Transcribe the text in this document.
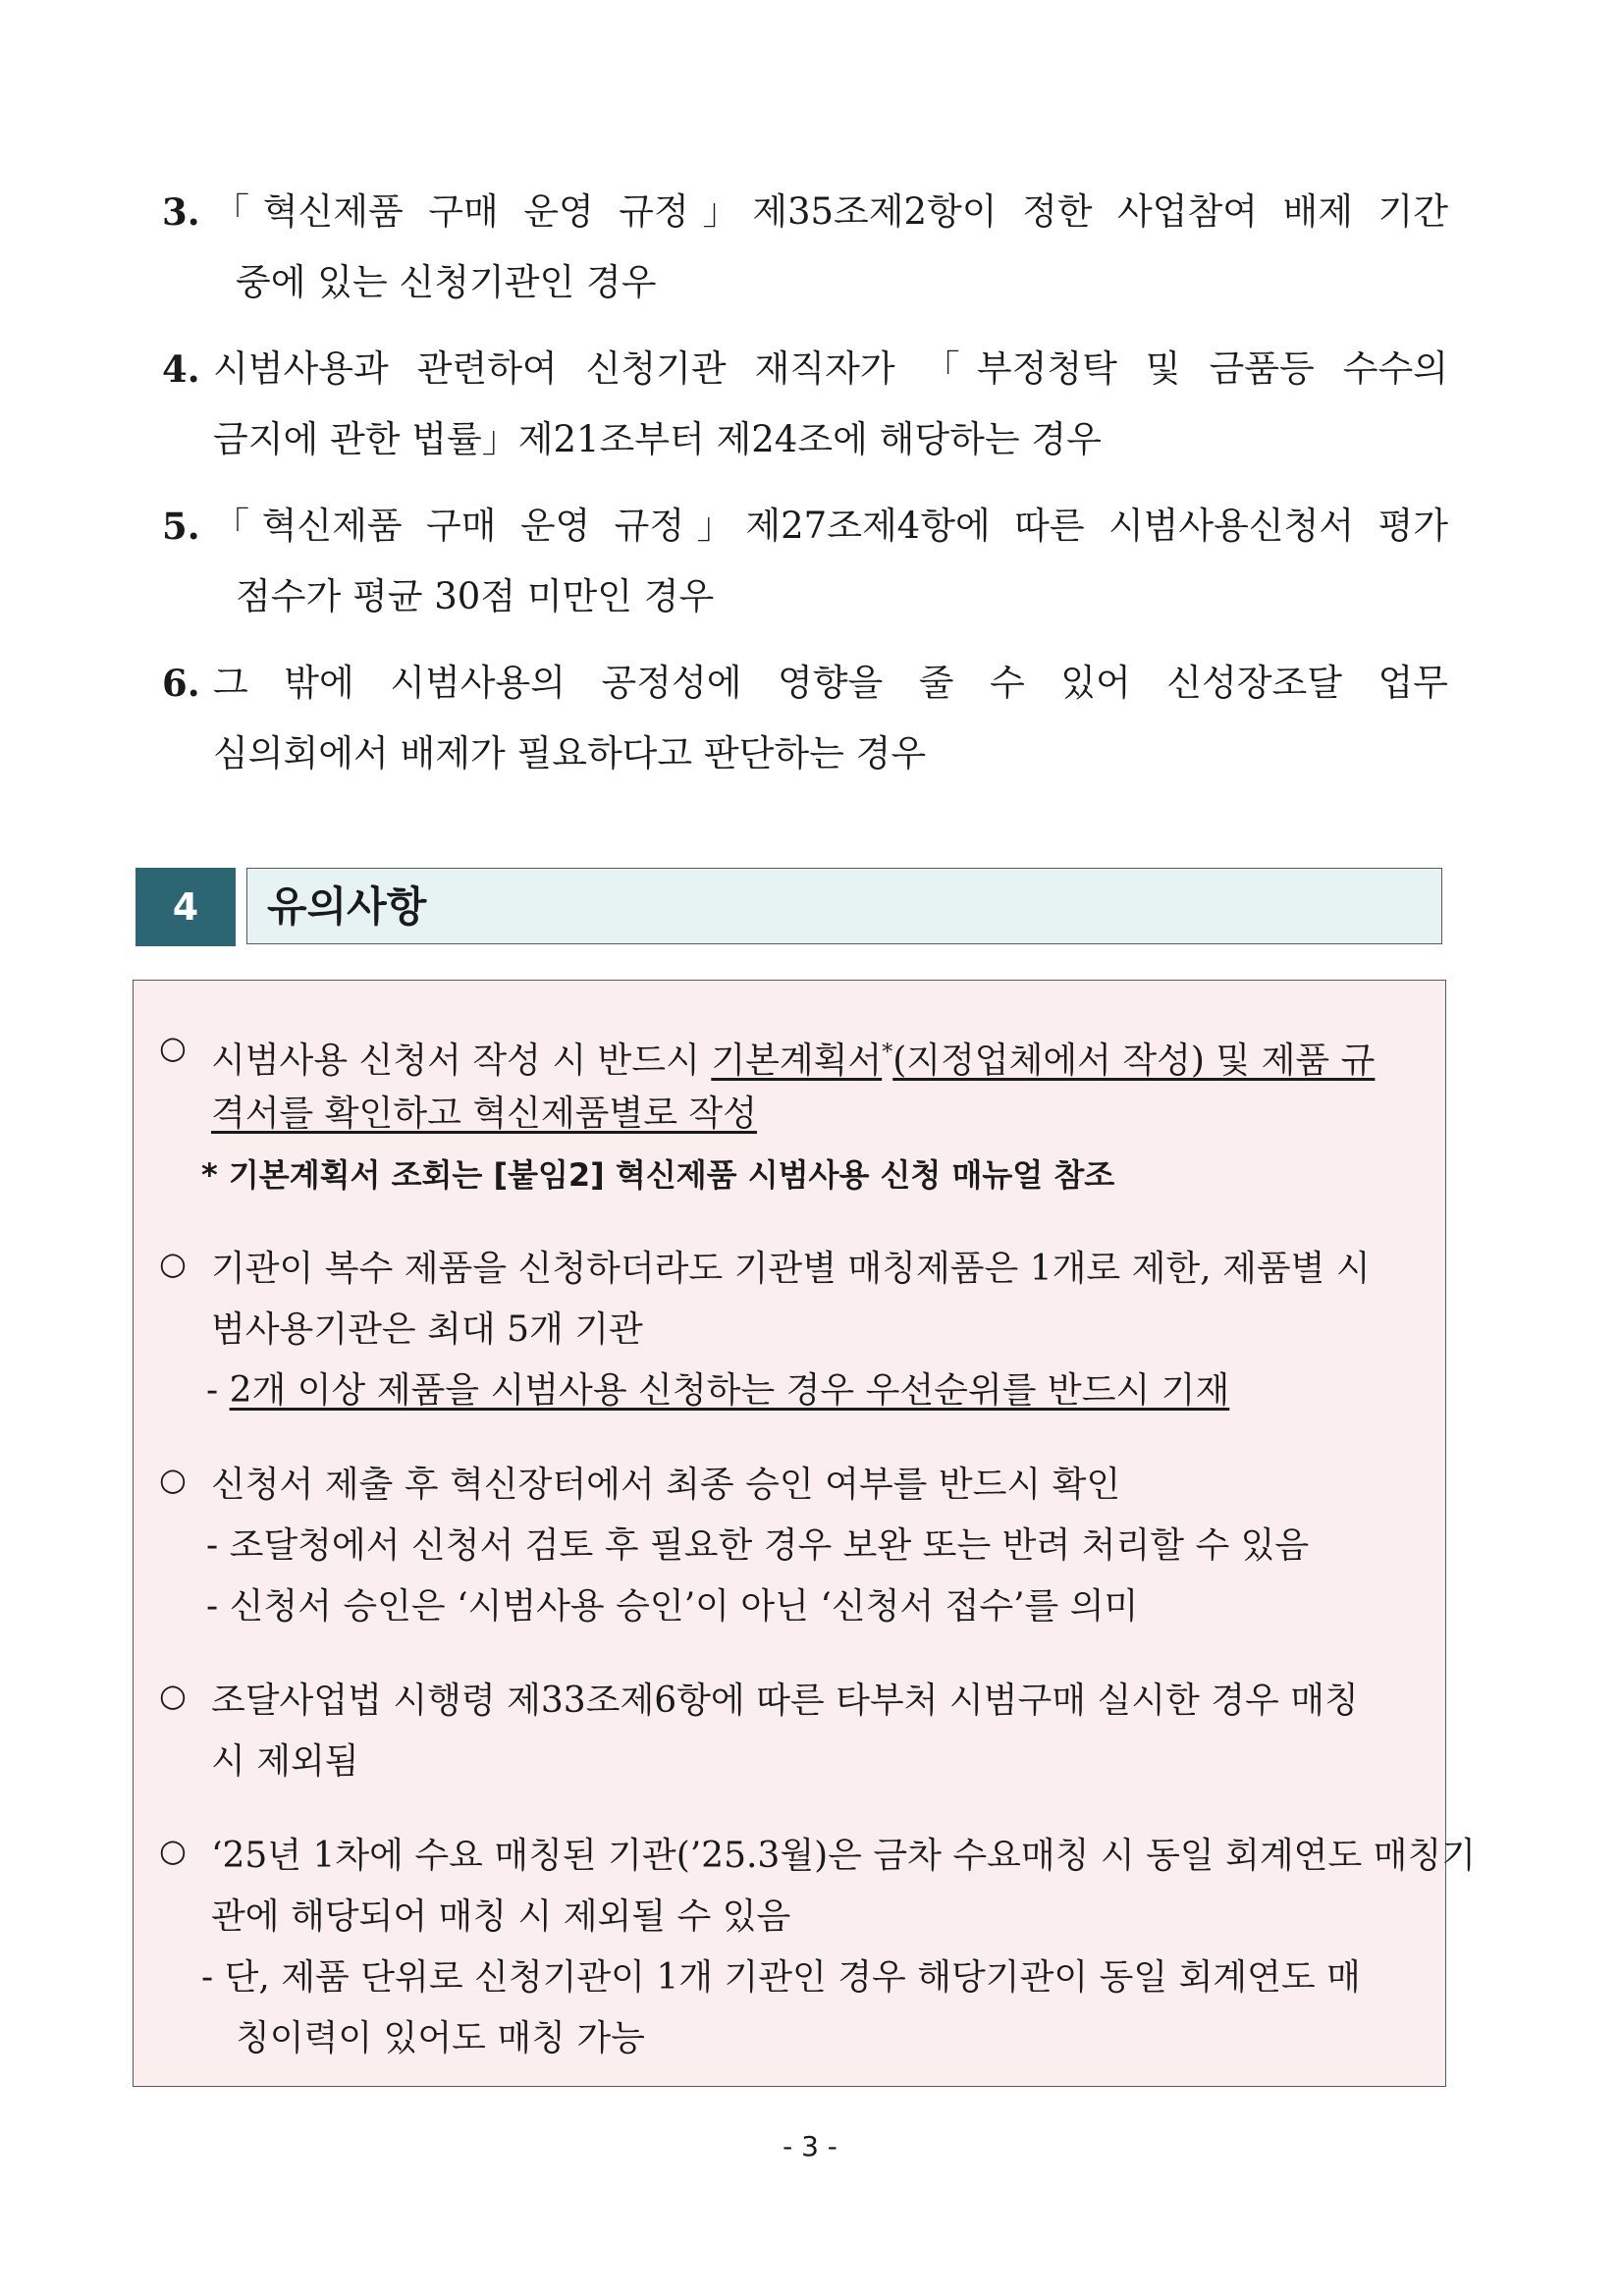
3. 「혁신제품 구매 운영 규정」제35조제2항이 정한 사업참여 배제 기간
중에 있는 신청기관인 경우
4. 시범사용과 관련하여 신청기관 재직자가 「부정청탁 및 금품등 수수의
금지에 관한 법률」제21조부터 제24조에 해당하는 경우
5. 「혁신제품 구매 운영 규정」제27조제4항에 따른 시범사용신청서 평가
점수가 평균 30점 미만인 경우
6. 그 밖에 시범사용의 공정성에 영향을 줄 수 있어 신성장조달 업무
심의회에서 배제가 필요하다고 판단하는 경우
4	유의사항
○ 시범사용 신청서 작성 시 반드시 기본계획서*(지정업체에서 작성) 및 제품 규
격서를 확인하고 혁신제품별로 작성
* 기본계획서 조회는 [붙임2] 혁신제품 시범사용 신청 매뉴얼 참조
○ 기관이 복수 제품을 신청하더라도 기관별 매칭제품은 1개로 제한, 제품별 시
범사용기관은 최대 5개 기관
- 2개 이상 제품을 시범사용 신청하는 경우 우선순위를 반드시 기재
○ 신청서 제출 후 혁신장터에서 최종 승인 여부를 반드시 확인
- 조달청에서 신청서 검토 후 필요한 경우 보완 또는 반려 처리할 수 있음
- 신청서 승인은 ‘시범사용 승인’이 아닌 ‘신청서 접수’를 의미
○ 조달사업법 시행령 제33조제6항에 따른 타부처 시범구매 실시한 경우 매칭
시 제외됨
○ ‘25년 1차에 수요 매칭된 기관(’25.3월)은 금차 수요매칭 시 동일 회계연도 매칭기
관에 해당되어 매칭 시 제외될 수 있음
- 단, 제품 단위로 신청기관이 1개 기관인 경우 해당기관이 동일 회계연도 매
칭이력이 있어도 매칭 가능
- 3 -
